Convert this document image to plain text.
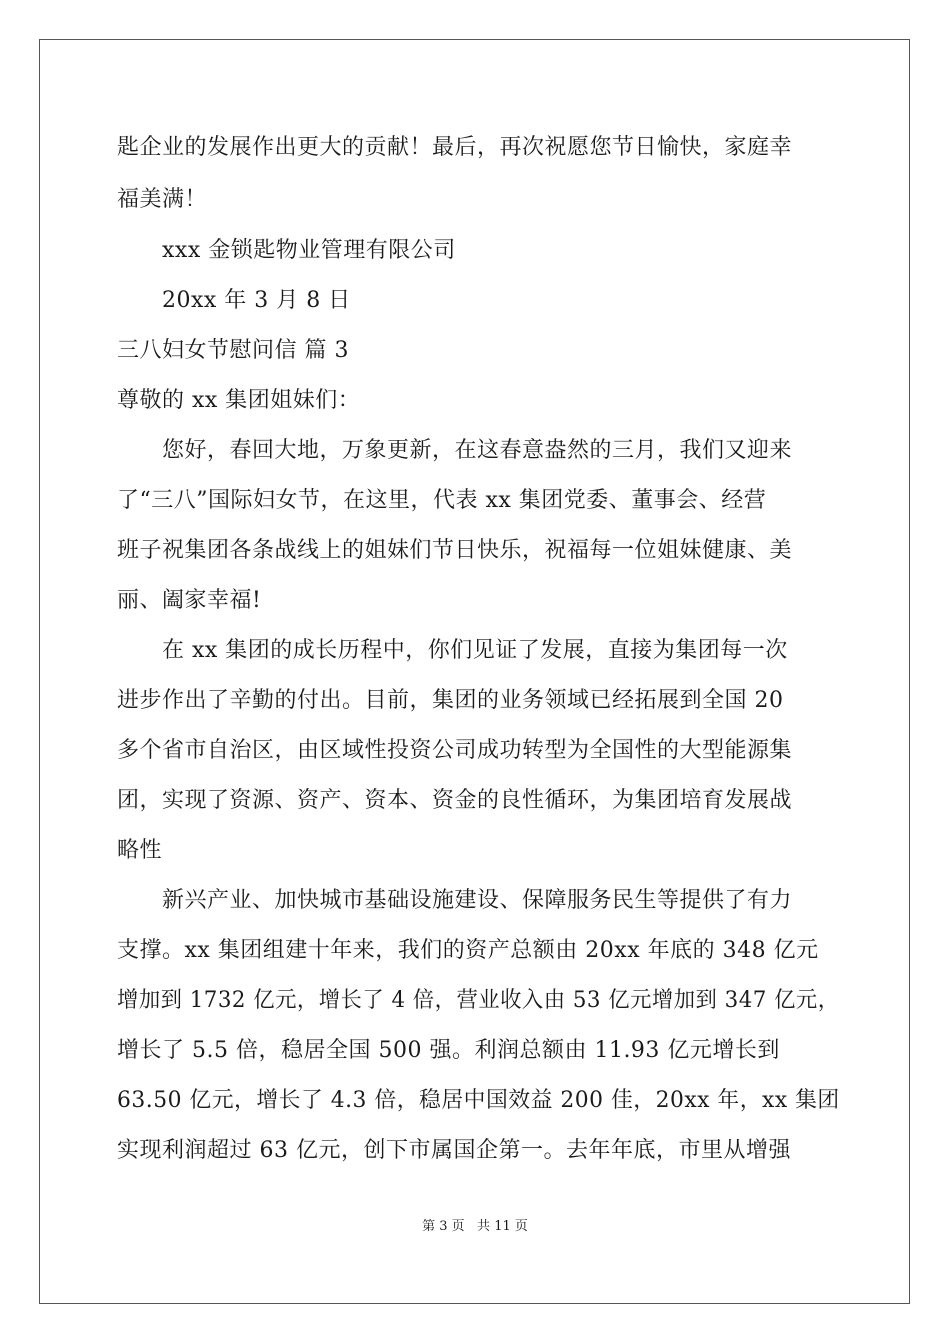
匙企业的发展作出更大的贡献！最后，再次祝愿您节日愉快，家庭幸
福美满！
xxx 金锁匙物业管理有限公司
20xx 年 3 月 8 日
三八妇女节慰问信 篇 3
尊敬的 xx 集团姐妹们：
您好，春回大地，万象更新，在这春意盎然的三月，我们又迎来
了“三八”国际妇女节，在这里，代表 xx 集团党委、董事会、经营
班子祝集团各条战线上的姐妹们节日快乐，祝福每一位姐妹健康、美
丽、阖家幸福!
在 xx 集团的成长历程中，你们见证了发展，直接为集团每一次
进步作出了辛勤的付出。目前，集团的业务领域已经拓展到全国 20
多个省市自治区，由区域性投资公司成功转型为全国性的大型能源集
团，实现了资源、资产、资本、资金的良性循环，为集团培育发展战
略性
新兴产业、加快城市基础设施建设、保障服务民生等提供了有力
支撑。xx 集团组建十年来，我们的资产总额由 20xx 年底的 348 亿元
增加到 1732 亿元，增长了 4 倍，营业收入由 53 亿元增加到 347 亿元，
增长了 5.5 倍，稳居全国 500 强。利润总额由 11.93 亿元增长到
63.50 亿元，增长了 4.3 倍，稳居中国效益 200 佳，20xx 年，xx 集团
实现利润超过 63 亿元，创下市属国企第一。去年年底，市里从增强
第 3 页   共 11 页
